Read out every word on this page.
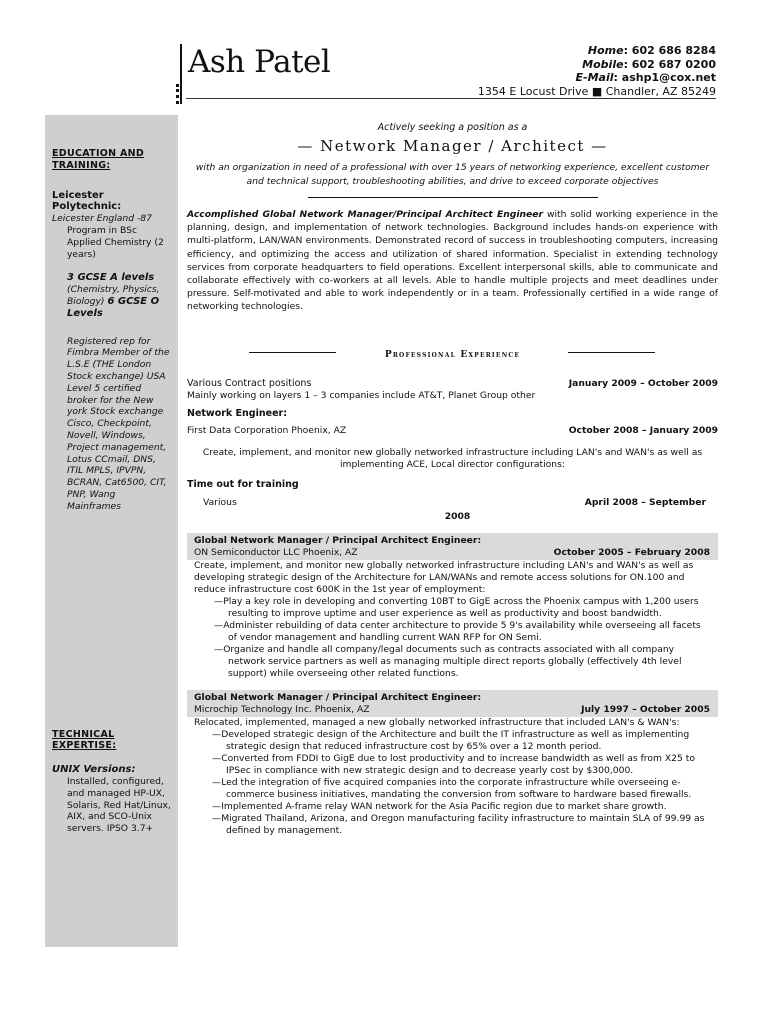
Ash Patel	Home: 602 686 8284
Mobile: 602 687 0200
E-Mail: ashp1@cox.net
1354 E Locust Drive ■ Chandler, AZ 85249
EDUCATION AND TRAINING:
Leicester Polytechnic:
Leicester England -87
Program in BSc Applied Chemistry (2 years)
3 GCSE A levels (Chemistry, Physics, Biology) 6 GCSE O Levels
Registered rep for Fimbra Member of the L.S.E (THE London Stock exchange) USA Level 5 certified broker for the New york Stock exchange Cisco, Checkpoint, Novell, Windows, Project management, Lotus CCmail, DNS, ITIL MPLS, IPVPN, BCRAN, Cat6500, CIT, PNP, Wang Mainframes
TECHNICAL EXPERTISE:
UNIX Versions:
Installed, configured, and managed HP-UX, Solaris, Red Hat/Linux, AIX, and SCO-Unix servers. IPSO 3.7+
Actively seeking a position as a
— Network Manager / Architect —
with an organization in need of a professional with over 15 years of networking experience, excellent customer and technical support, troubleshooting abilities, and drive to exceed corporate objectives
Accomplished Global Network Manager/Principal Architect Engineer with solid working experience in the planning, design, and implementation of network technologies. Background includes hands-on experience with multi-platform, LAN/WAN environments. Demonstrated record of success in troubleshooting computers, increasing efficiency, and optimizing the access and utilization of shared information. Specialist in extending technology services from corporate headquarters to field operations. Excellent interpersonal skills, able to communicate and collaborate effectively with co-workers at all levels. Able to handle multiple projects and meet deadlines under pressure. Self-motivated and able to work independently or in a team. Professionally certified in a wide range of networking technologies.
Professional Experience
Various Contract positions	January 2009 – October 2009
Mainly working on layers 1 – 3 companies include AT&T, Planet Group other
Network Engineer:
First Data Corporation Phoenix, AZ	October 2008 – January 2009
Create, implement, and monitor new globally networked infrastructure including LAN's and WAN's as well as implementing ACE, Local director configurations:
Time out for training
Various	April 2008 – September
2008
Global Network Manager / Principal Architect Engineer:
ON Semiconductor LLC Phoenix, AZ	October 2005 – February 2008
Create, implement, and monitor new globally networked infrastructure including LAN's and WAN's as well as developing strategic design of the Architecture for LAN/WANs and remote access solutions for ON.100 and reduce infrastructure cost 600K in the 1st year of employment:
—Play a key role in developing and converting 10BT to GigE across the Phoenix campus with 1,200 users resulting to improve uptime and user experience as well as productivity and boost bandwidth.
—Administer rebuilding of data center architecture to provide 5 9's availability while overseeing all facets of vendor management and handling current WAN RFP for ON Semi.
—Organize and handle all company/legal documents such as contracts associated with all company network service partners as well as managing multiple direct reports globally (effectively 4th level support) while overseeing other related functions.
Global Network Manager / Principal Architect Engineer:
Microchip Technology Inc. Phoenix, AZ	July 1997 – October 2005
Relocated, implemented, managed a new globally networked infrastructure that included LAN's & WAN's:
—Developed strategic design of the Architecture and built the IT infrastructure as well as implementing strategic design that reduced infrastructure cost by 65% over a 12 month period.
—Converted from FDDI to GigE due to lost productivity and to increase bandwidth as well as from X25 to IPSec in compliance with new strategic design and to decrease yearly cost by $300,000.
—Led the integration of five acquired companies into the corporate infrastructure while overseeing e-commerce business initiatives, mandating the conversion from software to hardware based firewalls.
—Implemented A-frame relay WAN network for the Asia Pacific region due to market share growth.
—Migrated Thailand, Arizona, and Oregon manufacturing facility infrastructure to maintain SLA of 99.99 as defined by management.
